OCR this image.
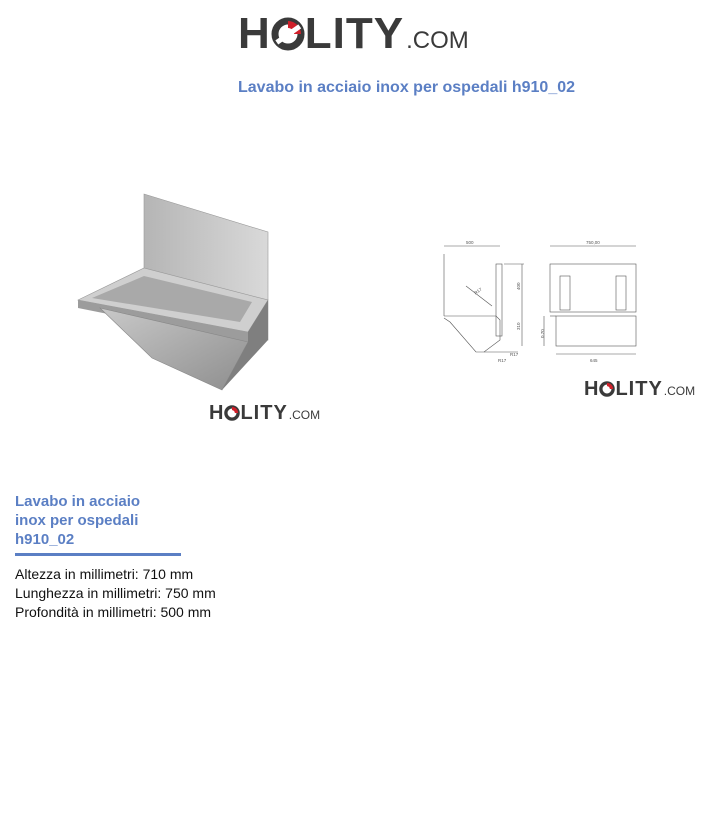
H LITY .COM
Lavabo in acciaio inox per ospedali h910_02
H LITY .COM
500	750,00
400
310
0.70
645
R17
R17
R17
H LITY .COM
Lavabo in acciaio
inox per ospedali
h910_02
Altezza in millimetri: 710 mm
Lunghezza in millimetri: 750 mm
Profondità in millimetri: 500 mm
